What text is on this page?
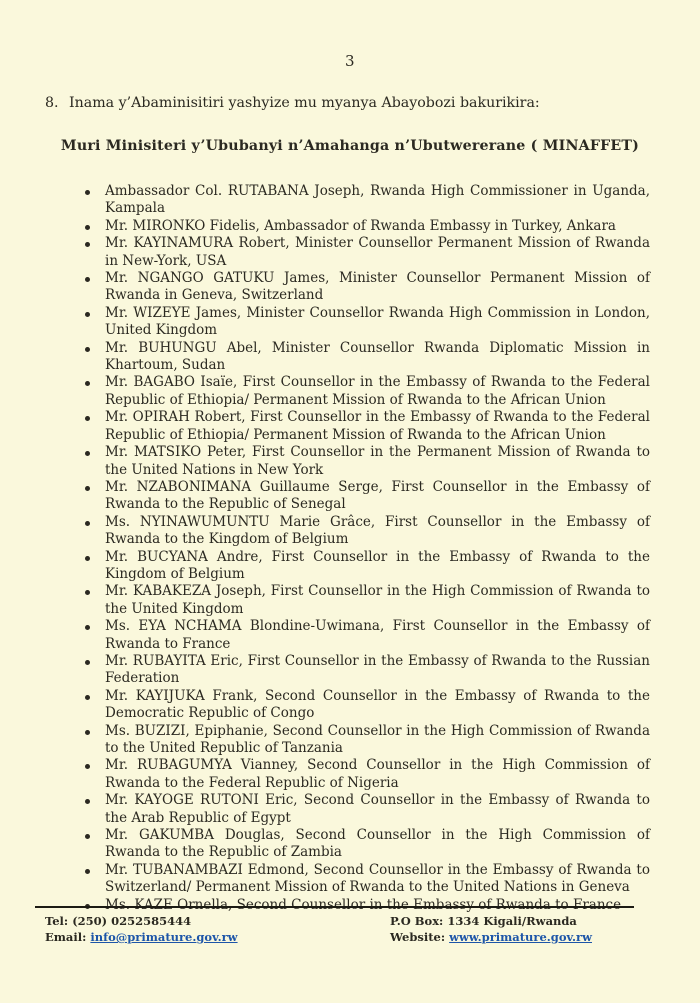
3
8. Inama y’Abaminisitiri yashyize mu myanya Abayobozi bakurikira:
Muri Minisiteri y’Ububanyi n’Amahanga n’Ubutwererane ( MINAFFET)
Ambassador Col. RUTABANA Joseph, Rwanda High Commissioner in Uganda, Kampala
Mr. MIRONKO Fidelis, Ambassador of Rwanda Embassy in Turkey, Ankara
Mr. KAYINAMURA Robert, Minister Counsellor Permanent Mission of Rwanda in New-York, USA
Mr. NGANGO GATUKU James, Minister Counsellor Permanent Mission of Rwanda in Geneva, Switzerland
Mr. WIZEYE James, Minister Counsellor Rwanda High Commission in London, United Kingdom
Mr. BUHUNGU Abel, Minister Counsellor Rwanda Diplomatic Mission in Khartoum, Sudan
Mr. BAGABO Isaïe, First Counsellor in the Embassy of Rwanda to the Federal Republic of Ethiopia/ Permanent Mission of Rwanda to the African Union
Mr. OPIRAH Robert, First Counsellor in the Embassy of Rwanda to the Federal Republic of Ethiopia/ Permanent Mission of Rwanda to the African Union
Mr. MATSIKO Peter, First Counsellor in the Permanent Mission of Rwanda to the United Nations in New York
Mr. NZABONIMANA Guillaume Serge, First Counsellor in the Embassy of Rwanda to the Republic of Senegal
Ms. NYINAWUMUNTU Marie Grâce, First Counsellor in the Embassy of Rwanda to the Kingdom of Belgium
Mr. BUCYANA Andre, First Counsellor in the Embassy of Rwanda to the Kingdom of Belgium
Mr. KABAKEZA Joseph, First Counsellor in the High Commission of Rwanda to the United Kingdom
Ms. EYA NCHAMA Blondine-Uwimana, First Counsellor in the Embassy of Rwanda to France
Mr. RUBAYITA Eric, First Counsellor in the Embassy of Rwanda to the Russian Federation
Mr. KAYIJUKA Frank, Second Counsellor in the Embassy of Rwanda to the Democratic Republic of Congo
Ms. BUZIZI, Epiphanie, Second Counsellor in the High Commission of Rwanda to the United Republic of Tanzania
Mr. RUBAGUMYA Vianney, Second Counsellor in the High Commission of Rwanda to the Federal Republic of Nigeria
Mr. KAYOGE RUTONI Eric, Second Counsellor in the Embassy of Rwanda to the Arab Republic of Egypt
Mr. GAKUMBA Douglas, Second Counsellor in the High Commission of Rwanda to the Republic of Zambia
Mr. TUBANAMBAZI Edmond, Second Counsellor in the Embassy of Rwanda to Switzerland/ Permanent Mission of Rwanda to the United Nations in Geneva
Ms. KAZE Ornella, Second Counsellor in the Embassy of Rwanda to France
Tel: (250) 0252585444
Email: info@primature.gov.rw
P.O Box: 1334 Kigali/Rwanda
Website: www.primature.gov.rw
